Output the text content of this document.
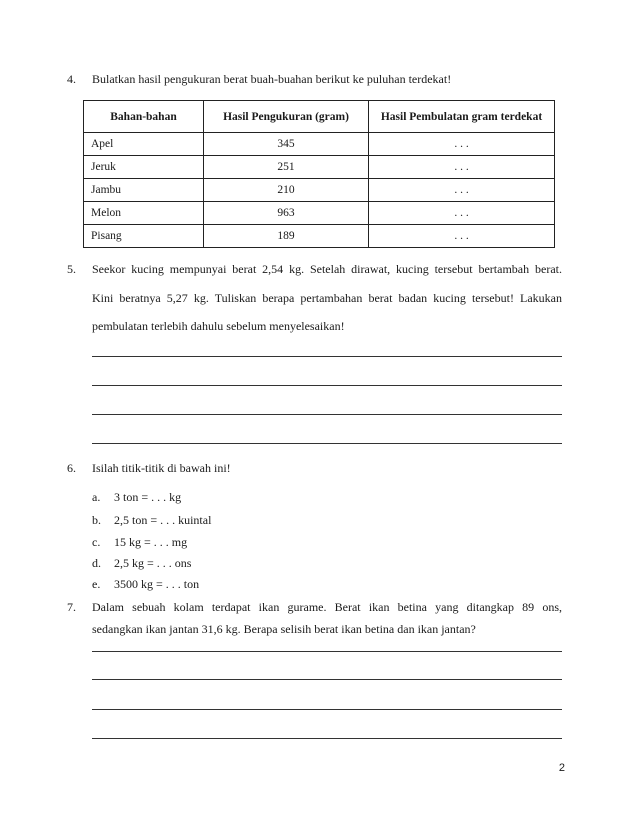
4. Bulatkan hasil pengukuran berat buah-buahan berikut ke puluhan terdekat!
Bahan-bahan	Hasil Pengukuran (gram)	Hasil Pembulatan gram terdekat
Apel	345	. . .
Jeruk	251	. . .
Jambu	210	. . .
Melon	963	. . .
Pisang	189	. . .
5. Seekor kucing mempunyai berat 2,54 kg. Setelah dirawat, kucing tersebut bertambah berat.
Kini beratnya 5,27 kg. Tuliskan berapa pertambahan berat badan kucing tersebut! Lakukan
pembulatan terlebih dahulu sebelum menyelesaikan!
6. Isilah titik-titik di bawah ini!
a. 3 ton = . . . kg
b. 2,5 ton = . . . kuintal
c. 15 kg = . . . mg
d. 2,5 kg = . . . ons
e. 3500 kg = . . . ton
7. Dalam sebuah kolam terdapat ikan gurame. Berat ikan betina yang ditangkap 89 ons,
sedangkan ikan jantan 31,6 kg. Berapa selisih berat ikan betina dan ikan jantan?
2
